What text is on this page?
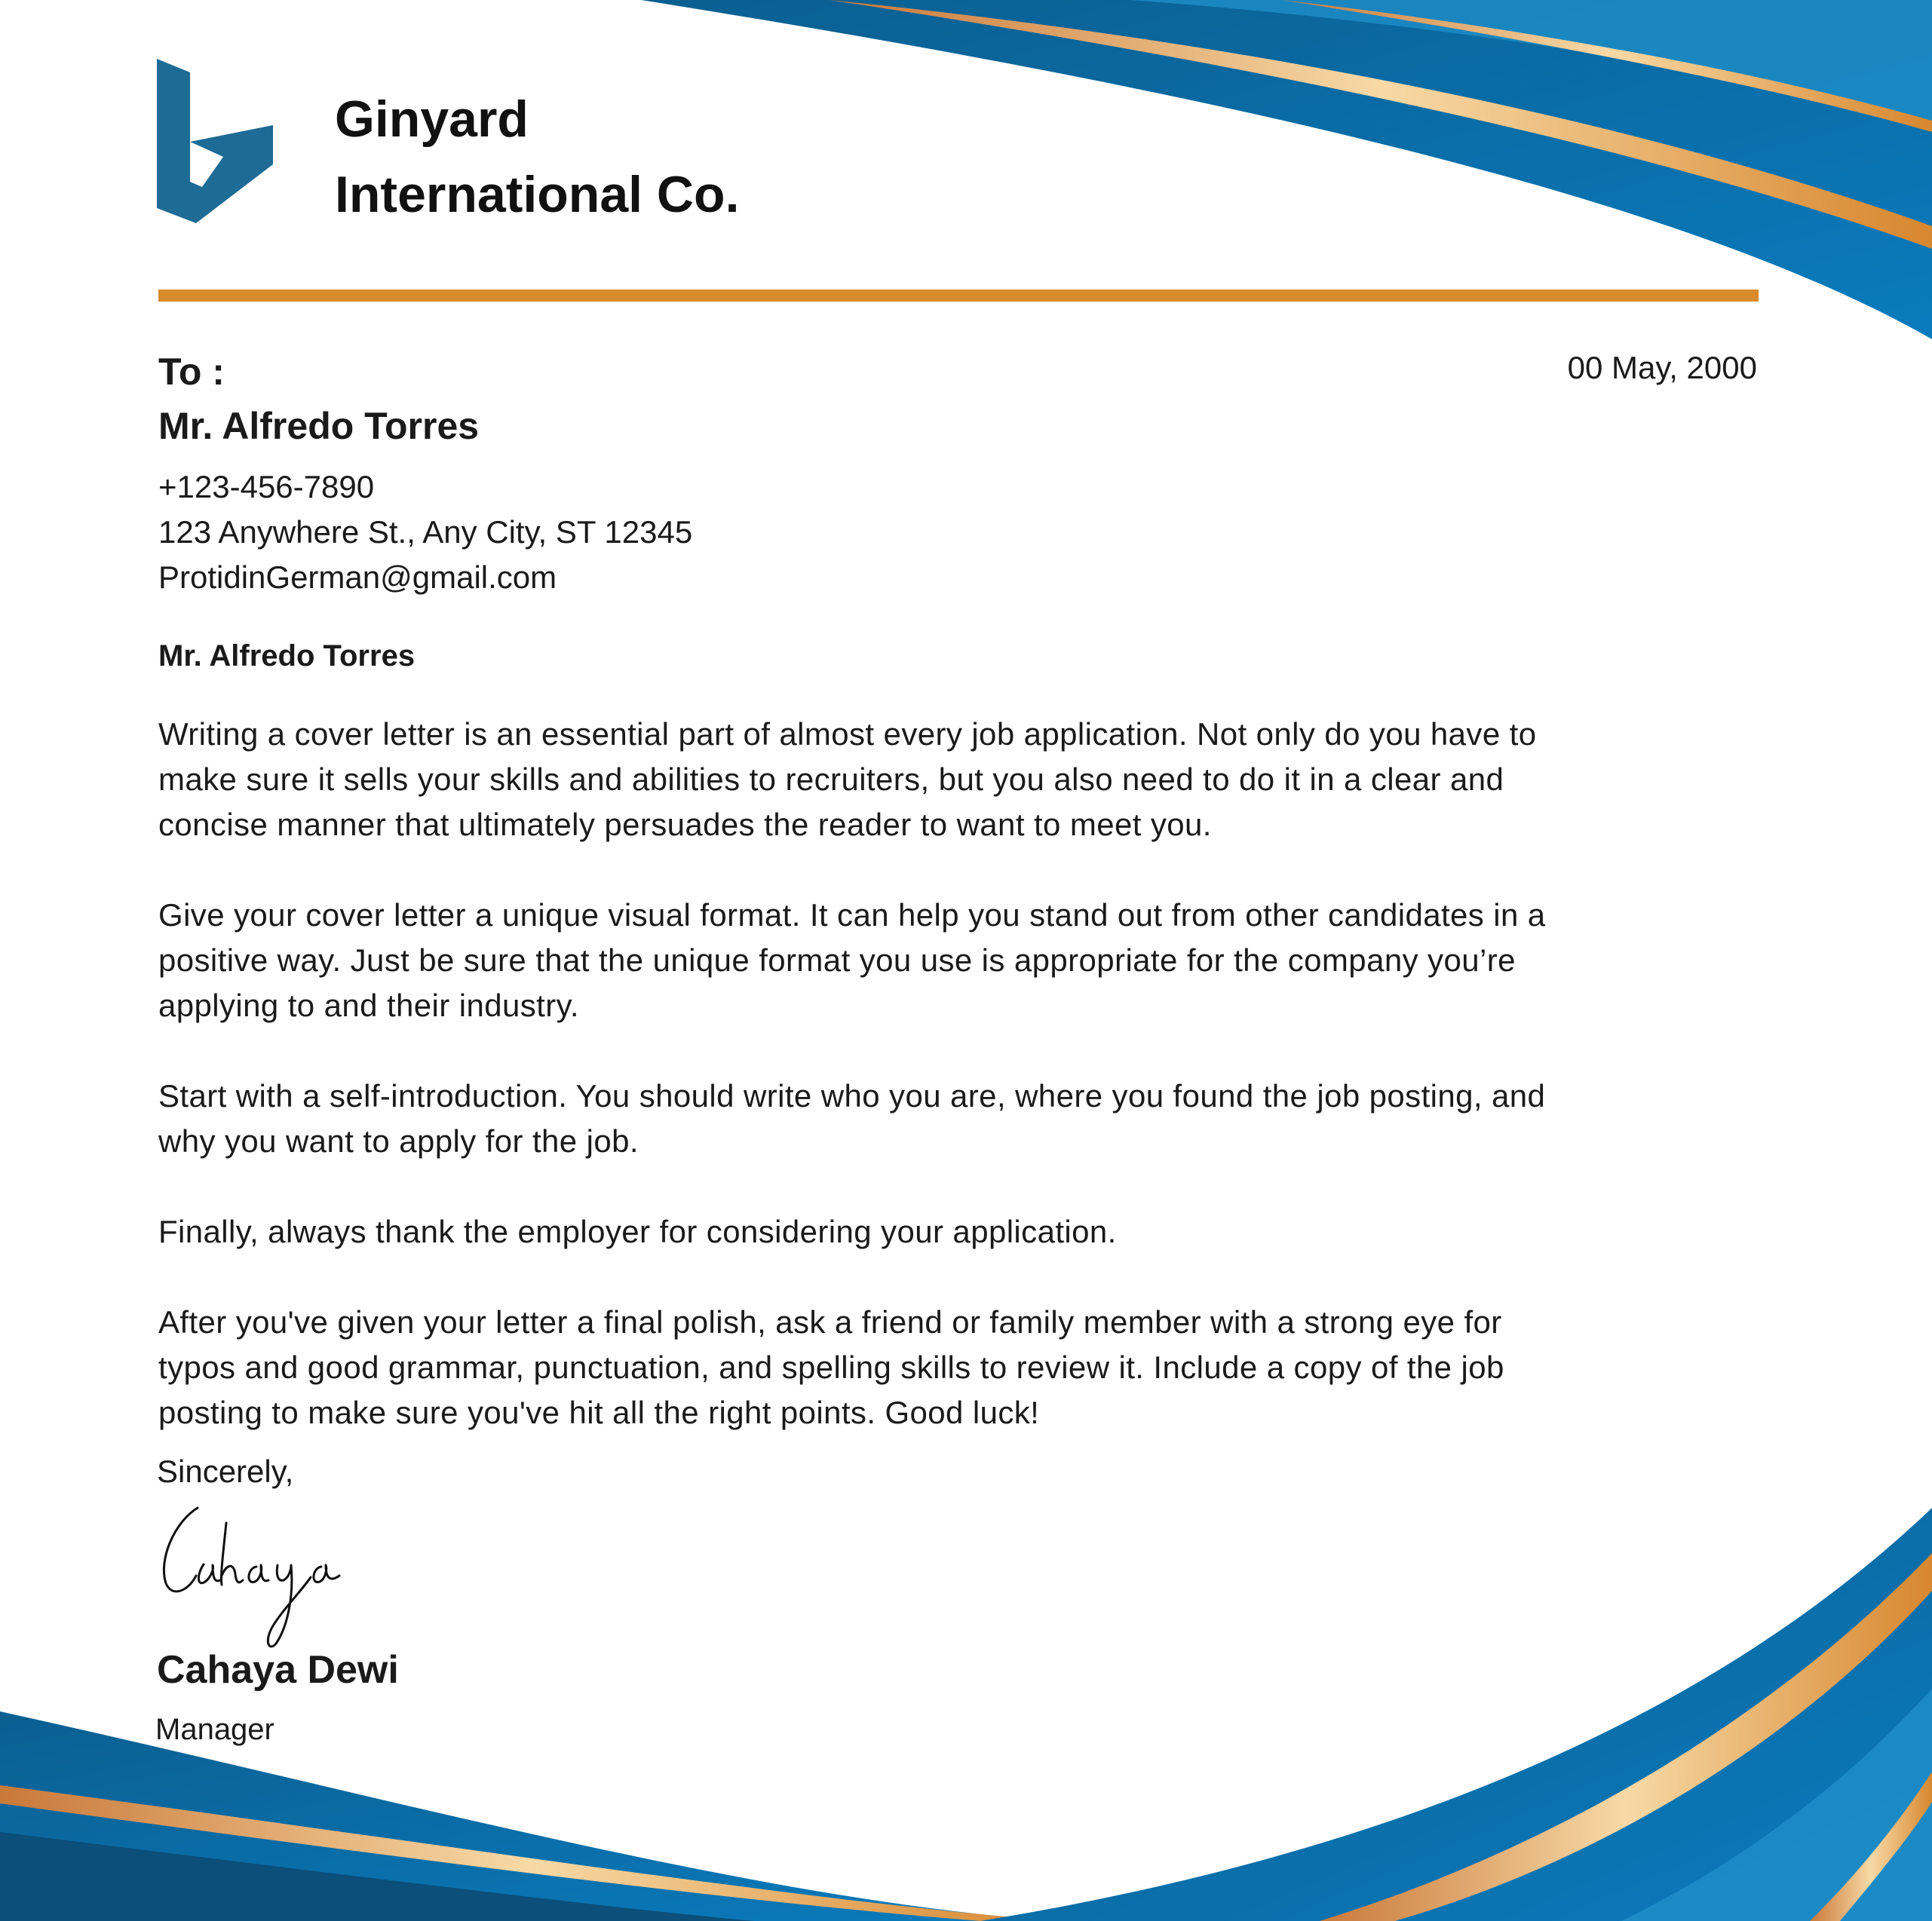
Ginyard
International Co.
To :
Mr. Alfredo Torres
00 May, 2000
+123-456-7890
123 Anywhere St., Any City, ST 12345
ProtidinGerman@gmail.com
Mr. Alfredo Torres

Writing a cover letter is an essential part of almost every job application. Not only do you have to
make sure it sells your skills and abilities to recruiters, but you also need to do it in a clear and
concise manner that ultimately persuades the reader to want to meet you.

Give your cover letter a unique visual format. It can help you stand out from other candidates in a
positive way. Just be sure that the unique format you use is appropriate for the company you’re
applying to and their industry.

Start with a self-introduction. You should write who you are, where you found the job posting, and
why you want to apply for the job.

Finally, always thank the employer for considering your application.

After you've given your letter a final polish, ask a friend or family member with a strong eye for
typos and good grammar, punctuation, and spelling skills to review it. Include a copy of the job
posting to make sure you've hit all the right points. Good luck!

Sincerely,
Cahaya Dewi
Manager
